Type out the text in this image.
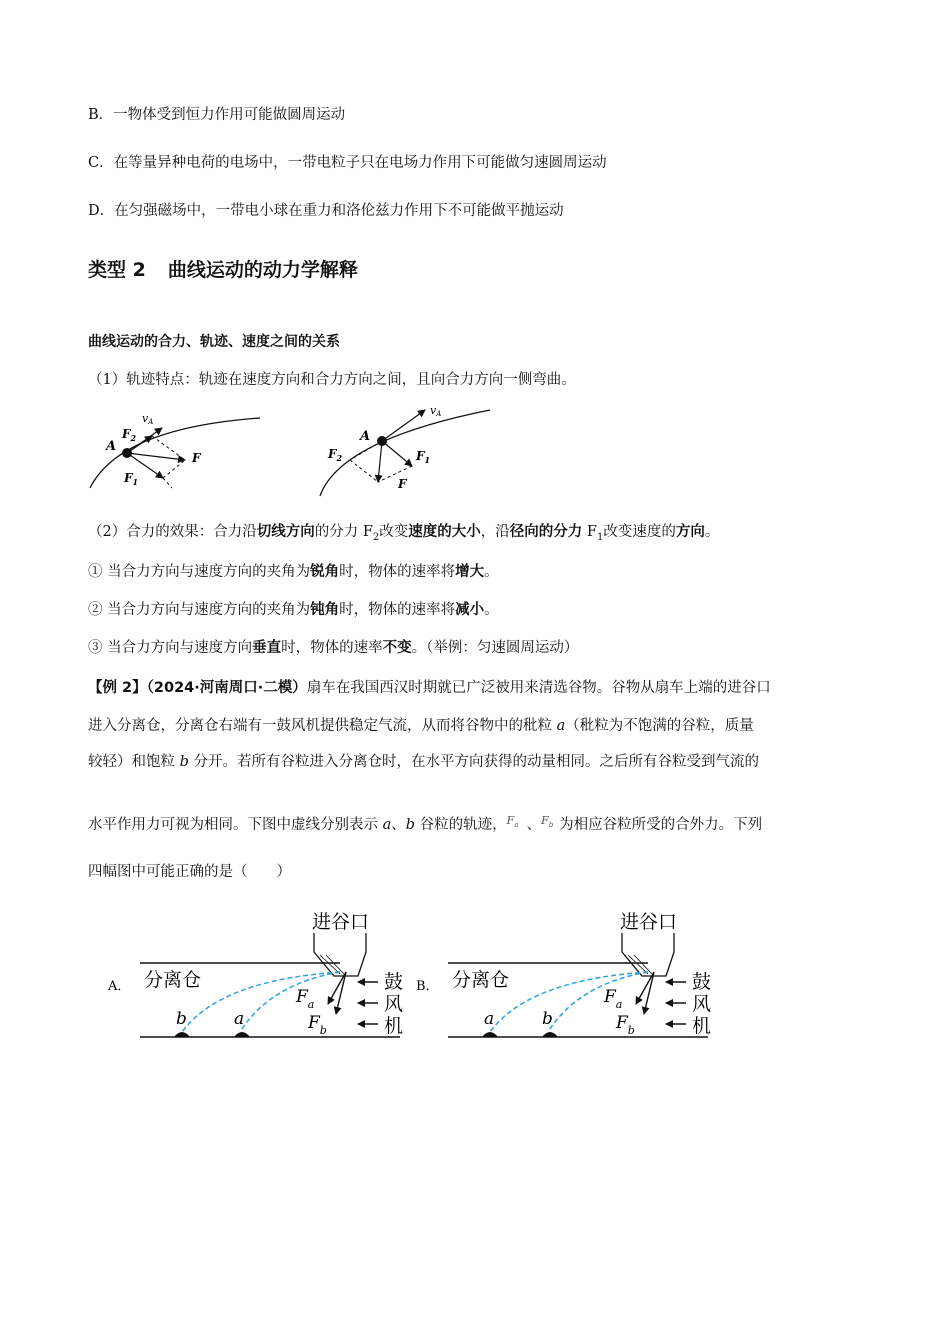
B．一物体受到恒力作用可能做圆周运动
C．在等量异种电荷的电场中，一带电粒子只在电场力作用下可能做匀速圆周运动
D．在匀强磁场中，一带电小球在重力和洛伦兹力作用下不可能做平抛运动
类型 2 曲线运动的动力学解释
曲线运动的合力、轨迹、速度之间的关系
（1）轨迹特点：轨迹在速度方向和合力方向之间，且向合力方向一侧弯曲。
vA
A
$F_2$
F
$F_1$
vA
A
$F_2$	$F_1$
F
（2）合力的效果：合力沿切线方向的分力 $F_2$改变速度的大小，沿径向的分力 $F_1$改变速度的方向。
① 当合力方向与速度方向的夹角为锐角时，物体的速率将增大。
② 当合力方向与速度方向的夹角为钝角时，物体的速率将减小。
③ 当合力方向与速度方向垂直时，物体的速率不变。（举例：匀速圆周运动）
【例 2】（2024·河南周口·二模）扇车在我国西汉时期就已广泛被用来清选谷物。谷物从扇车上端的进谷口
进入分离仓，分离仓右端有一鼓风机提供稳定气流，从而将谷物中的秕粒 a（秕粒为不饱满的谷粒，质量
较轻）和饱粒 b 分开。若所有谷粒进入分离仓时，在水平方向获得的动量相同。之后所有谷粒受到气流的
水平作用力可视为相同。下图中虚线分别表示 a、b 谷粒的轨迹， $F_a$ 、 $F_b$ 为相应谷粒所受的合外力。下列
四幅图中可能正确的是（　　）
A．
进谷口
分离仓
b	a
$F_a$
$F_b$
鼓
风
机
B．
进谷口
分离仓
a	b
$F_a$
$F_b$
鼓
风
机
